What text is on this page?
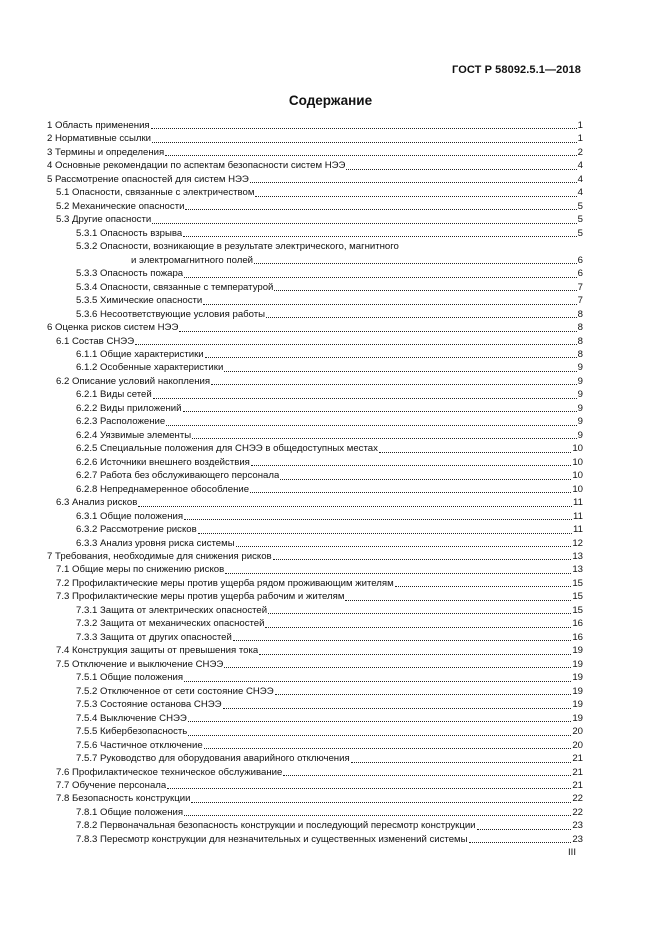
ГОСТ Р 58092.5.1—2018
Содержание
1 Область применения	1
2 Нормативные ссылки	1
3 Термины и определения	2
4 Основные рекомендации по аспектам безопасности систем НЭЭ	4
5 Рассмотрение опасностей для систем НЭЭ	4
5.1 Опасности, связанные с электричеством	4
5.2 Механические опасности	5
5.3 Другие опасности	5
5.3.1 Опасность взрыва	5
5.3.2 Опасности, возникающие в результате электрического, магнитного
и электромагнитного полей	6
5.3.3 Опасность пожара	6
5.3.4 Опасности, связанные с температурой	7
5.3.5 Химические опасности	7
5.3.6 Несоответствующие условия работы	8
6 Оценка рисков систем НЭЭ	8
6.1 Состав СНЭЭ	8
6.1.1 Общие характеристики	8
6.1.2 Особенные характеристики	9
6.2 Описание условий накопления	9
6.2.1 Виды сетей	9
6.2.2 Виды приложений	9
6.2.3 Расположение	9
6.2.4 Уязвимые элементы	9
6.2.5 Специальные положения для СНЭЭ в общедоступных местах	10
6.2.6 Источники внешнего воздействия	10
6.2.7 Работа без обслуживающего персонала	10
6.2.8 Непреднамеренное обособление	10
6.3 Анализ рисков	11
6.3.1 Общие положения	11
6.3.2 Рассмотрение рисков	11
6.3.3 Анализ уровня риска системы	12
7 Требования, необходимые для снижения рисков	13
7.1 Общие меры по снижению рисков	13
7.2 Профилактические меры против ущерба рядом проживающим жителям	15
7.3 Профилактические меры против ущерба рабочим и жителям	15
7.3.1 Защита от электрических опасностей	15
7.3.2 Защита от механических опасностей	16
7.3.3 Защита от других опасностей	16
7.4 Конструкция защиты от превышения тока	19
7.5 Отключение и выключение СНЭЭ	19
7.5.1 Общие положения	19
7.5.2 Отключенное от сети состояние СНЭЭ	19
7.5.3 Состояние останова СНЭЭ	19
7.5.4 Выключение СНЭЭ	19
7.5.5 Кибербезопасность	20
7.5.6 Частичное отключение	20
7.5.7 Руководство для оборудования аварийного отключения	21
7.6 Профилактическое техническое обслуживание	21
7.7 Обучение персонала	21
7.8 Безопасность конструкции	22
7.8.1 Общие положения	22
7.8.2 Первоначальная безопасность конструкции и последующий пересмотр конструкции	23
7.8.3 Пересмотр конструкции для незначительных и существенных изменений системы	23
III
